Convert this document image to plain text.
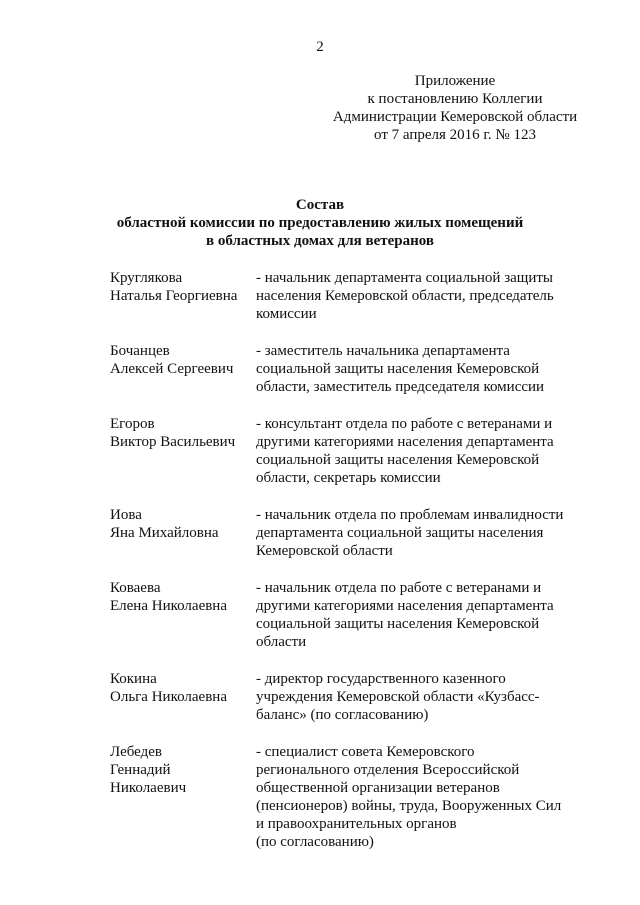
2
Приложение
к постановлению Коллегии
Администрации Кемеровской области
от 7 апреля 2016 г. № 123
Состав
областной комиссии по предоставлению жилых помещений
в областных домах для ветеранов
Круглякова
Наталья Георгиевна
- начальник департамента социальной защиты
населения Кемеровской области, председатель
комиссии
Бочанцев
Алексей Сергеевич
- заместитель начальника департамента
социальной защиты населения Кемеровской
области, заместитель председателя комиссии
Егоров
Виктор Васильевич
- консультант отдела по работе с ветеранами и
другими категориями населения департамента
социальной защиты населения Кемеровской
области, секретарь комиссии
Иова
Яна Михайловна
- начальник отдела по проблемам инвалидности
департамента социальной защиты населения
Кемеровской области
Коваева
Елена Николаевна
- начальник отдела по работе с ветеранами и
другими категориями населения департамента
социальной защиты населения Кемеровской
области
Кокина
Ольга Николаевна
- директор государственного казенного
учреждения Кемеровской области «Кузбасс-
баланс» (по согласованию)
Лебедев
Геннадий
Николаевич
- специалист совета Кемеровского
регионального отделения Всероссийской
общественной организации ветеранов
(пенсионеров) войны, труда, Вооруженных Сил
и правоохранительных органов
(по согласованию)
